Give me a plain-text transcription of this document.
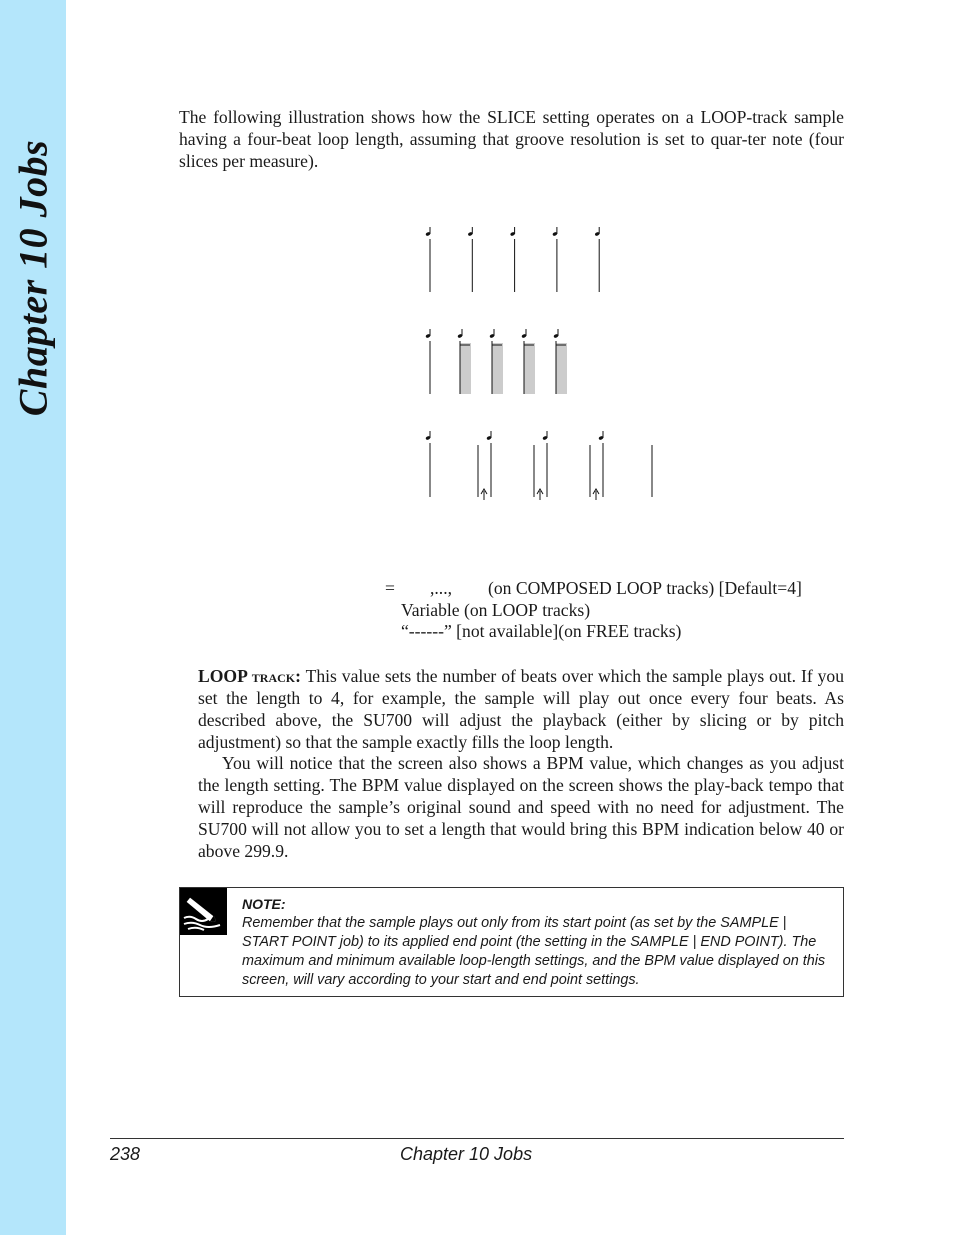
Chapter 10 Jobs

The following illustration shows how the SLICE setting operates on a LOOP-track sample having a four-beat loop length, assuming that groove resolution is set to quar-ter note (four slices per measure).

= ,..., (on COMPOSED LOOP tracks) [Default=4]
Variable (on LOOP tracks)
“------” [not available](on FREE tracks)

LOOP track: This value sets the number of beats over which the sample plays out. If you set the length to 4, for example, the sample will play out once every four beats. As described above, the SU700 will adjust the playback (either by slicing or by pitch adjustment) so that the sample exactly fills the loop length.

You will notice that the screen also shows a BPM value, which changes as you adjust the length setting. The BPM value displayed on the screen shows the play-back tempo that will reproduce the sample’s original sound and speed with no need for adjustment. The SU700 will not allow you to set a length that would bring this BPM indication below 40 or above 299.9.

NOTE:

Remember that the sample plays out only from its start point (as set by the SAMPLE | START POINT job) to its applied end point (the setting in the SAMPLE | END POINT). The maximum and minimum available loop-length settings, and the BPM value displayed on this screen, will vary according to your start and end point settings.

238	Chapter 10 Jobs
